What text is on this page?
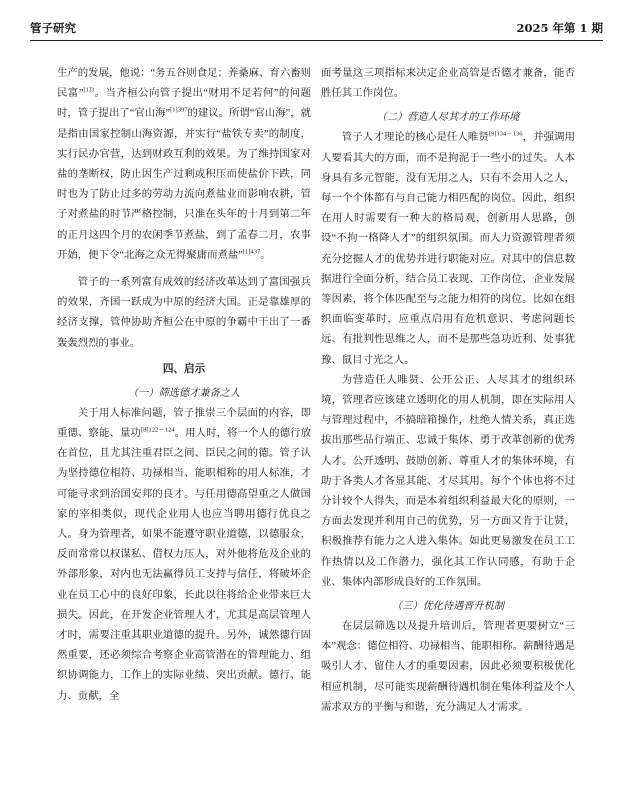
管子研究	2025 年第 1 期

生产的发展，他说：“务五谷则食足；养桑麻、育六畜则民富”$^{[1]3}$。当齐桓公向管子提出“财用不足若何”的问题时，管子提出了“官山海”$^{[1]397}$的建议。所谓“官山海”，就是指由国家控制山海资源，并实行“盐铁专卖”的制度，实行民办官营，达到财政互利的效果。为了维持国家对盐的垄断权，防止因生产过剩或积压而使盐价下跌，同时也为了防止过多的劳动力流向煮盐业而影响农耕，管子对煮盐的时节严格控制，只准在头年的十月到第二年的正月这四个月的农闲季节煮盐，到了孟春二月，农事开始，便下令“北海之众无得聚庸而煮盐”$^{[1]437}$。

管子的一系列富有成效的经济改革达到了富国强兵的效果，齐国一跃成为中原的经济大国。正是靠雄厚的经济支撑，管仲协助齐桓公在中原的争霸中干出了一番轰轰烈烈的事业。

四、启示
（一）筛选德才兼备之人

关于用人标准问题，管子推崇三个层面的内容，即重德、察能、量功$^{[8]122-124}$。用人时，将一个人的德行放在首位，且尤其注重君臣之间、臣民之间的德。管子认为坚持德位相符、功禄相当、能职相称的用人标准，才可能寻求到治国安邦的良才。与任用德高望重之人做国家的宰相类似，现代企业用人也应当聘用德行优良之人。身为管理者，如果不能遵守职业道德，以德服众，反而常常以权谋私、借权力压人，对外他将危及企业的外部形象，对内也无法赢得员工支持与信任，将破坏企业在员工心中的良好印象，长此以往将给企业带来巨大损失。因此，在开发企业管理人才，尤其是高层管理人才时，需要注重其职业道德的提升。另外，诚然德行固然重要，还必须综合考察企业高管潜在的管理能力、组织协调能力，工作上的实际业绩、突出贡献。德行、能力、贡献，全

面考量这三项指标来决定企业高管是否德才兼备，能否胜任其工作岗位。

（二）营造人尽其才的工作环境

管子人才理论的核心是任人唯贤$^{[9]134-136}$，并强调用人要看其大的方面，而不是拘泥于一些小的过失。人本身具有多元智能，没有无用之人，只有不会用人之人，每一个个体都有与自己能力相匹配的岗位。因此，组织在用人时需要有一种大的格局观，创新用人思路，创设“不拘一格降人才”的组织氛围。而人力资源管理者须充分挖掘人才的优势并进行职能对应。对其中的信息数据进行全面分析，结合员工表现、工作岗位、企业发展等因素，将个体匹配至与之能力相符的岗位。比如在组织面临变革时，应重点启用有危机意识、考虑问题长远、有批判性思维之人，而不是那些急功近利、处事犹豫、鼠目寸光之人。

为营造任人唯贤、公开公正、人尽其才的组织环境，管理者应该建立透明化的用人机制，即在实际用人与管理过程中，不搞暗箱操作，杜绝人情关系，真正选拔出那些品行端正、忠诚于集体、勇于改革创新的优秀人才。公开透明、鼓励创新、尊重人才的集体环境，有助于各类人才各显其能、才尽其用。每个个体也将不过分计较个人得失，而是本着组织利益最大化的原则，一方面去发现并利用自己的优势，另一方面又肯于让贤，积极推荐有能力之人进入集体。如此更易激发在员工工作热情以及工作潜力，强化其工作认同感，有助于企业、集体内部形成良好的工作氛围。

（三）优化待遇晋升机制

在层层筛选以及提升培训后，管理者更要树立“三本”观念：德位相符、功禄相当、能职相称。薪酬待遇是吸引人才、留住人才的重要因素，因此必须要积极优化相应机制，尽可能实现薪酬待遇机制在集体利益及个人需求双方的平衡与和谐，充分满足人才需求。
